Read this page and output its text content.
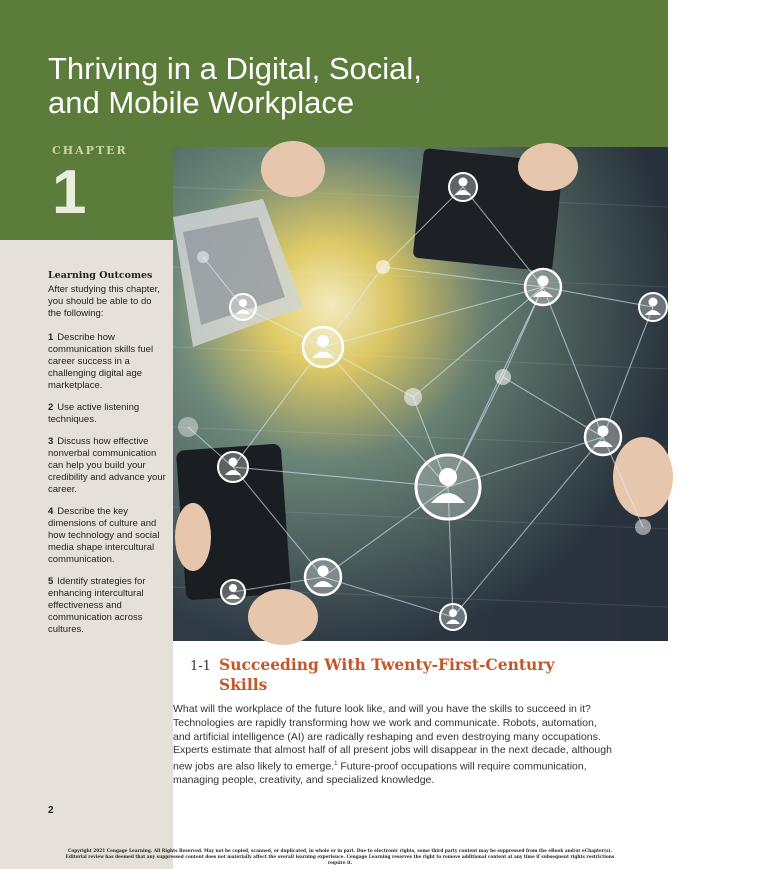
Thriving in a Digital, Social,
and Mobile Workplace
CHAPTER
1
Learning Outcomes
After studying this chapter, you should be able to do the following:
1 Describe how communication skills fuel career success in a challenging digital age marketplace.
2 Use active listening techniques.
3 Discuss how effective nonverbal communication can help you build your credibility and advance your career.
4 Describe the key dimensions of culture and how technology and social media shape intercultural communication.
5 Identify strategies for enhancing intercultural effectiveness and communication across cultures.
metamorworks/Shutterstock.com
1-1 Succeeding With Twenty-First-Century
Skills

What will the workplace of the future look like, and will you have the skills to succeed in it? Technologies are rapidly transforming how we work and communicate. Robots, automation, and artificial intelligence (AI) are radically reshaping and even destroying many occupations. Experts estimate that almost half of all present jobs will disappear in the next decade, although new jobs are also likely to emerge.$^1$ Future-proof occupations will require communication, managing people, creativity, and specialized knowledge.

2
Copyright 2021 Cengage Learning. All Rights Reserved. May not be copied, scanned, or duplicated, in whole or in part. Due to electronic rights, some third party content may be suppressed from the eBook and/or eChapter(s).
Editorial review has deemed that any suppressed content does not materially affect the overall learning experience. Cengage Learning reserves the right to remove additional content at any time if subsequent rights restrictions require it.
